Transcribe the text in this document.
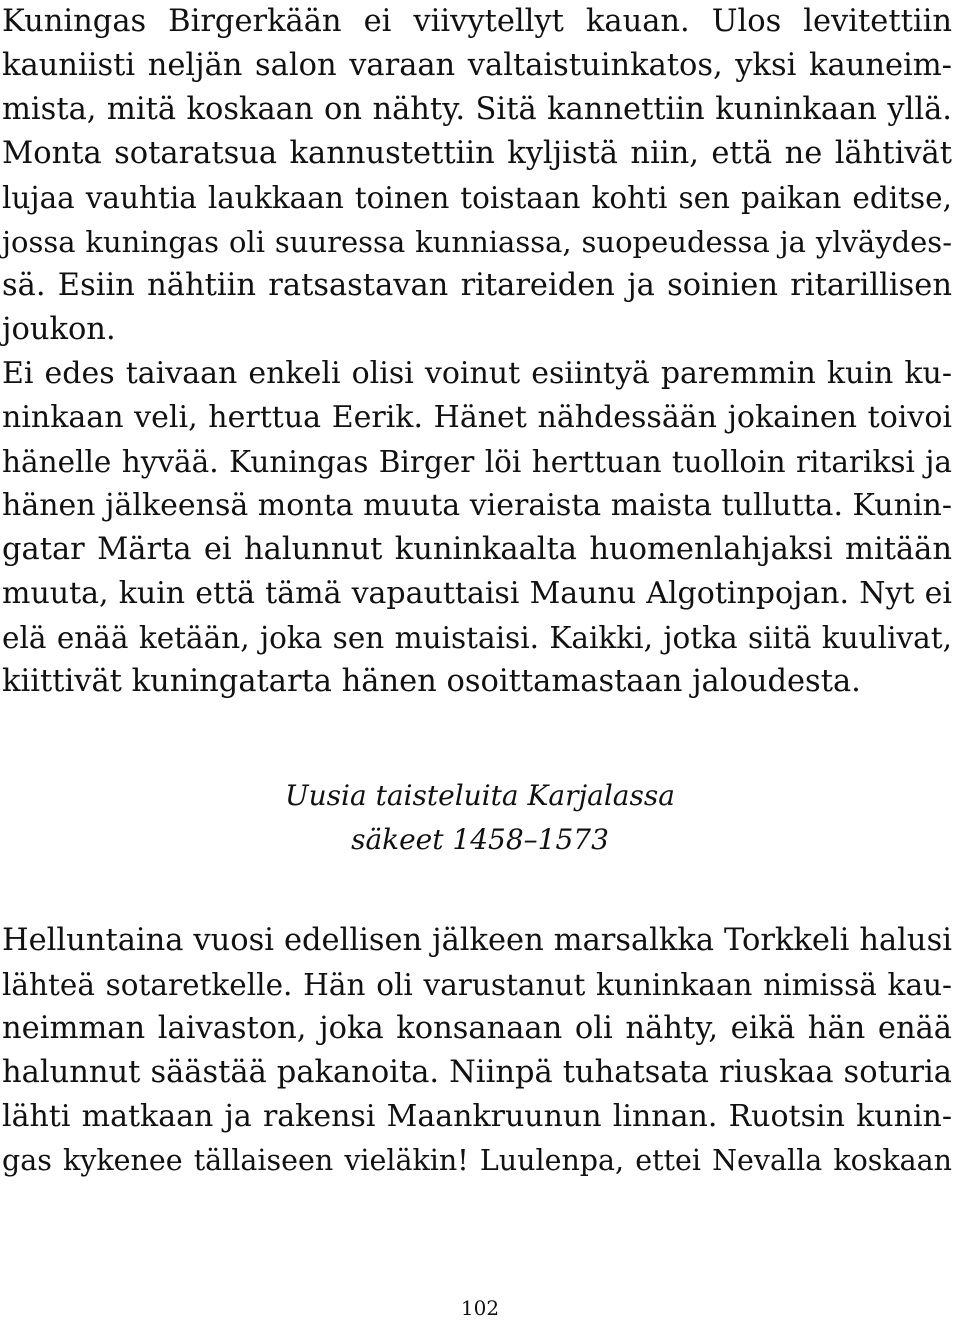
Kuningas Birgerkään ei viivytellyt kauan. Ulos levitettiin
kauniisti neljän salon varaan valtaistuinkatos, yksi kauneim-
mista, mitä koskaan on nähty. Sitä kannettiin kuninkaan yllä.
Monta sotaratsua kannustettiin kyljistä niin, että ne lähtivät
lujaa vauhtia laukkaan toinen toistaan kohti sen paikan editse,
jossa kuningas oli suuressa kunniassa, suopeudessa ja ylväydes-
sä. Esiin nähtiin ratsastavan ritareiden ja soinien ritarillisen
joukon.
Ei edes taivaan enkeli olisi voinut esiintyä paremmin kuin ku-
ninkaan veli, herttua Eerik. Hänet nähdessään jokainen toivoi
hänelle hyvää. Kuningas Birger löi herttuan tuolloin ritariksi ja
hänen jälkeensä monta muuta vieraista maista tullutta. Kunin-
gatar Märta ei halunnut kuninkaalta huomenlahjaksi mitään
muuta, kuin että tämä vapauttaisi Maunu Algotinpojan. Nyt ei
elä enää ketään, joka sen muistaisi. Kaikki, jotka siitä kuulivat,
kiittivät kuningatarta hänen osoittamastaan jaloudesta.
Uusia taisteluita Karjalassa
säkeet 1458–1573
Helluntaina vuosi edellisen jälkeen marsalkka Torkkeli halusi
lähteä sotaretkelle. Hän oli varustanut kuninkaan nimissä kau-
neimman laivaston, joka konsanaan oli nähty, eikä hän enää
halunnut säästää pakanoita. Niinpä tuhatsata riuskaa soturia
lähti matkaan ja rakensi Maankruunun linnan. Ruotsin kunin-
gas kykenee tällaiseen vieläkin! Luulenpa, ettei Nevalla koskaan
102
